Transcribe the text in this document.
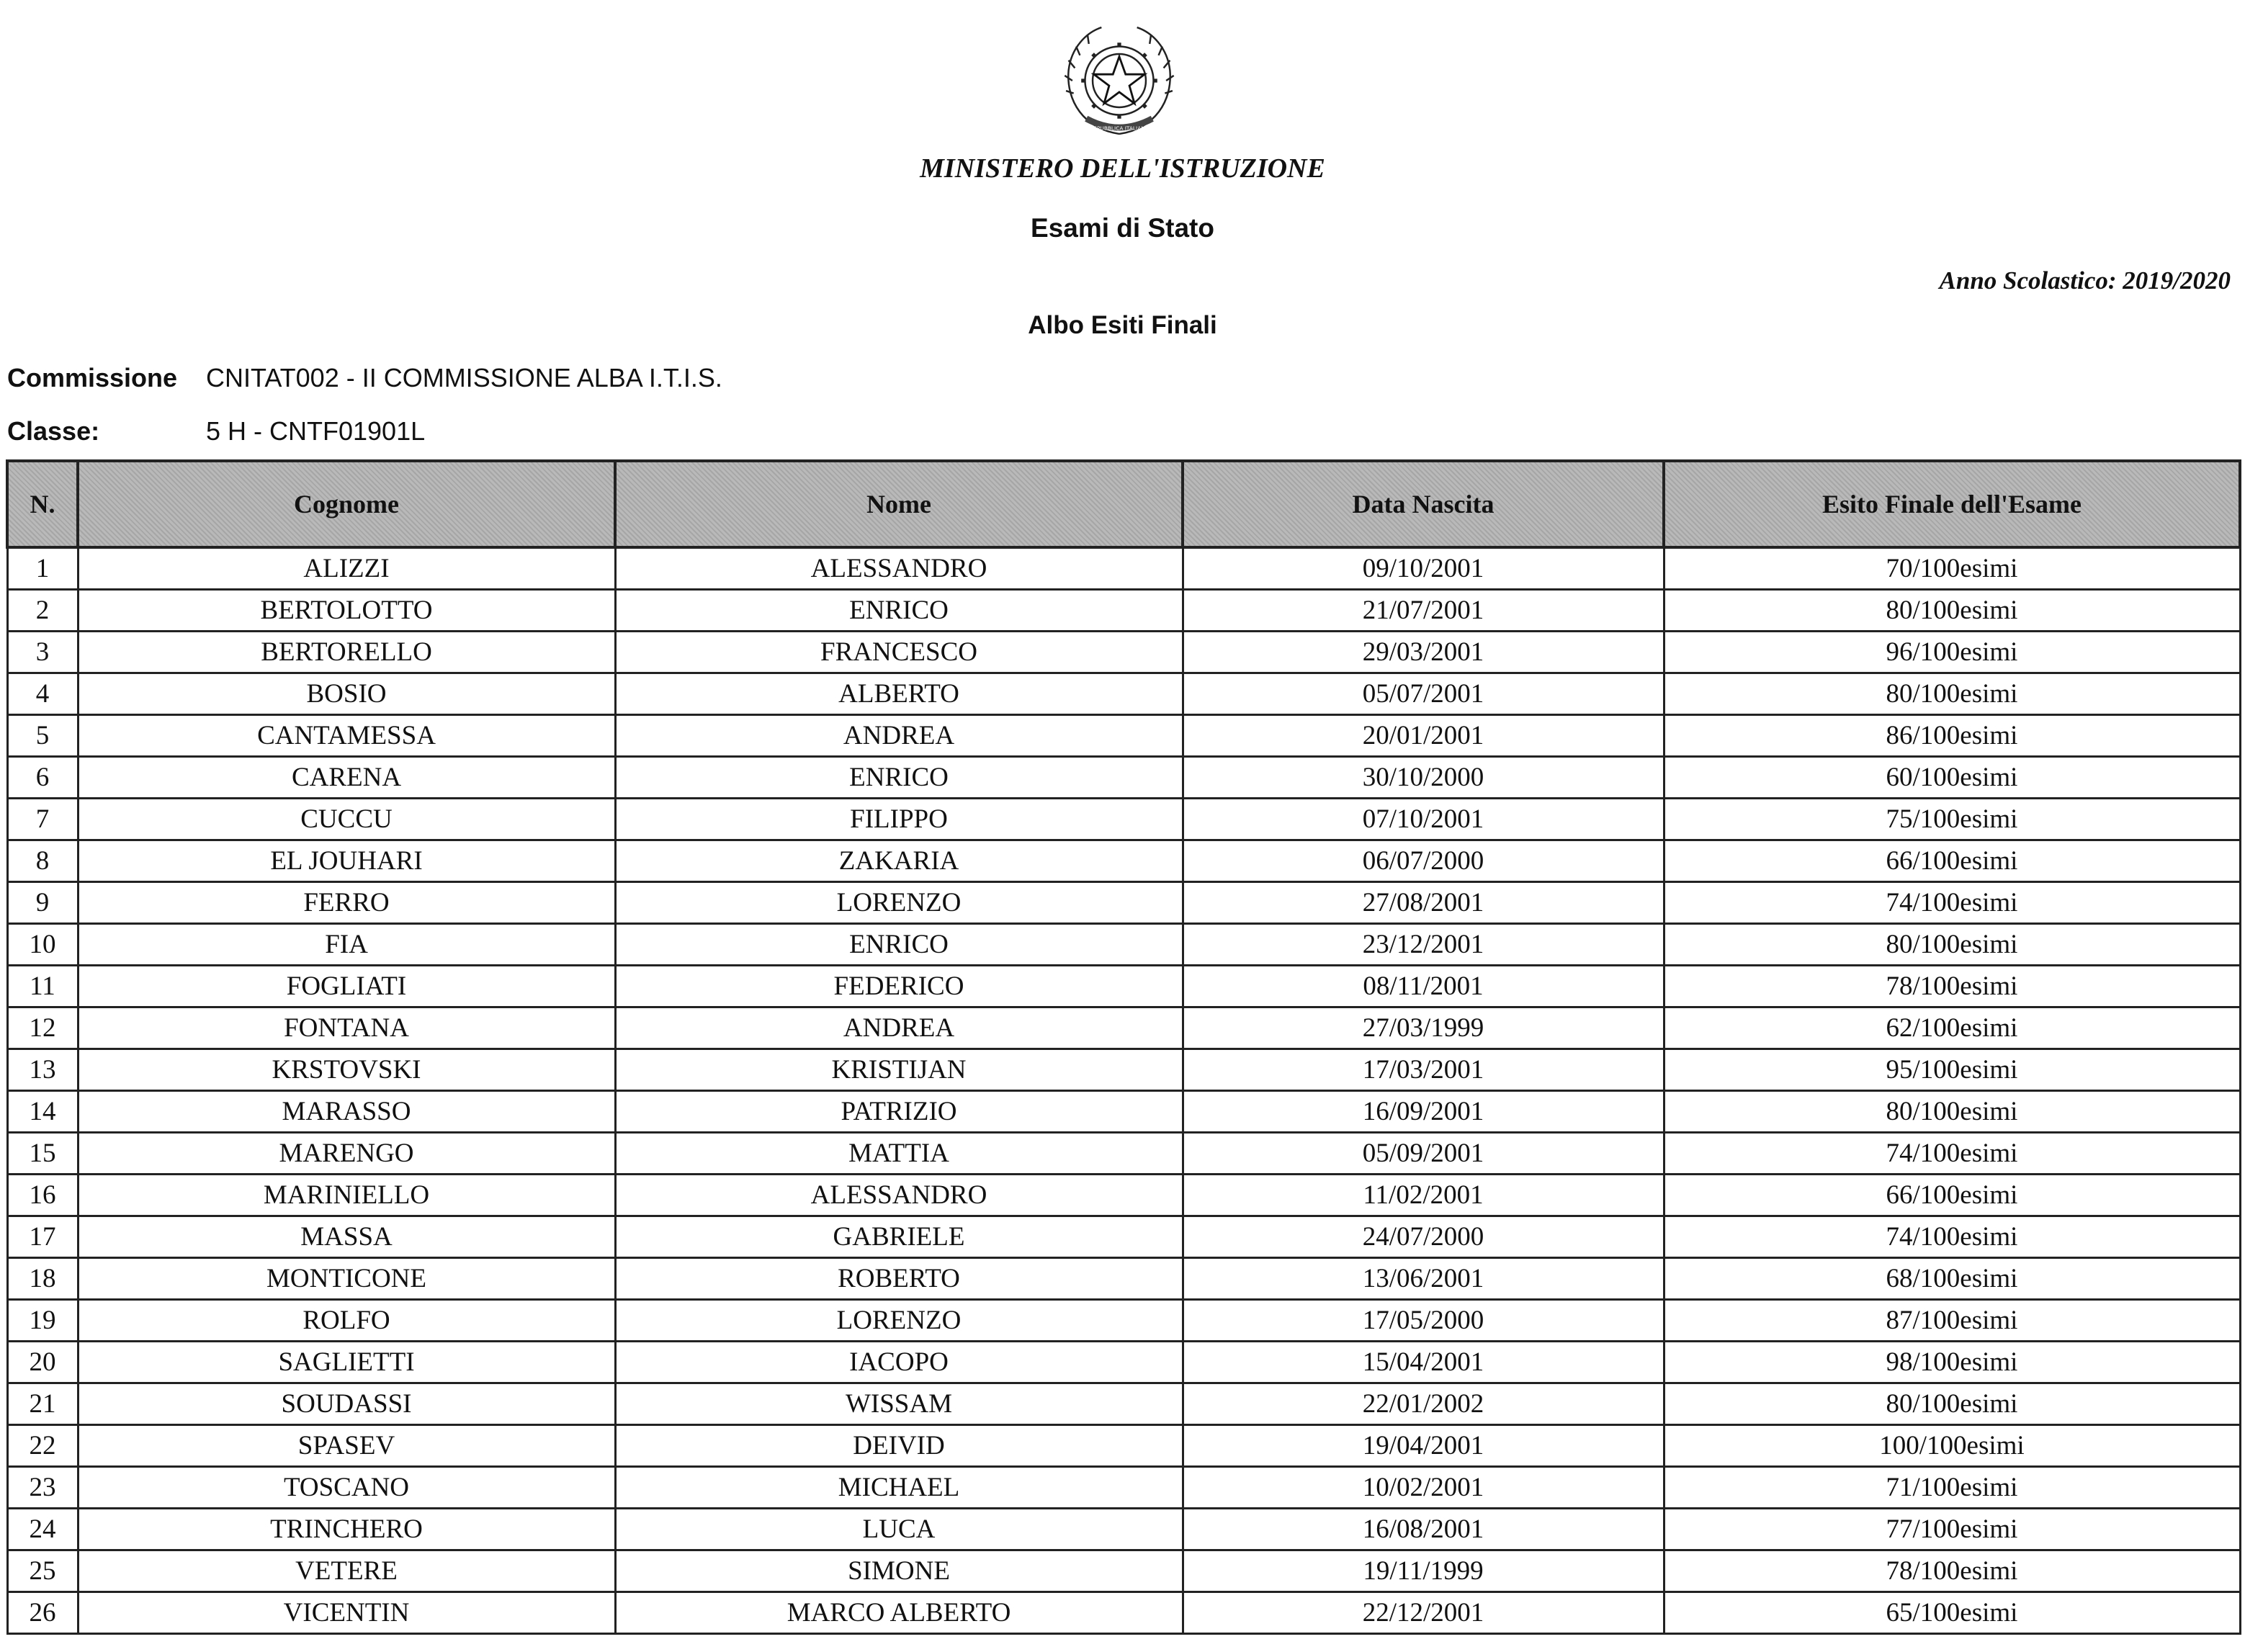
REPUBBLICA ITALIANA
MINISTERO DELL'ISTRUZIONE
Esami di Stato
Anno Scolastico: 2019/2020
Albo Esiti Finali
Commissione CNITAT002 - II COMMISSIONE ALBA I.T.I.S.
Classe:	5 H - CNTF01901L
N.	Cognome	Nome	Data Nascita	Esito Finale dell'Esame
1	ALIZZI	ALESSANDRO	09/10/2001	70/100esimi
2	BERTOLOTTO	ENRICO	21/07/2001	80/100esimi
3	BERTORELLO	FRANCESCO	29/03/2001	96/100esimi
4	BOSIO	ALBERTO	05/07/2001	80/100esimi
5	CANTAMESSA	ANDREA	20/01/2001	86/100esimi
6	CARENA	ENRICO	30/10/2000	60/100esimi
7	CUCCU	FILIPPO	07/10/2001	75/100esimi
8	EL JOUHARI	ZAKARIA	06/07/2000	66/100esimi
9	FERRO	LORENZO	27/08/2001	74/100esimi
10	FIA	ENRICO	23/12/2001	80/100esimi
11	FOGLIATI	FEDERICO	08/11/2001	78/100esimi
12	FONTANA	ANDREA	27/03/1999	62/100esimi
13	KRSTOVSKI	KRISTIJAN	17/03/2001	95/100esimi
14	MARASSO	PATRIZIO	16/09/2001	80/100esimi
15	MARENGO	MATTIA	05/09/2001	74/100esimi
16	MARINIELLO	ALESSANDRO	11/02/2001	66/100esimi
17	MASSA	GABRIELE	24/07/2000	74/100esimi
18	MONTICONE	ROBERTO	13/06/2001	68/100esimi
19	ROLFO	LORENZO	17/05/2000	87/100esimi
20	SAGLIETTI	IACOPO	15/04/2001	98/100esimi
21	SOUDASSI	WISSAM	22/01/2002	80/100esimi
22	SPASEV	DEIVID	19/04/2001	100/100esimi
23	TOSCANO	MICHAEL	10/02/2001	71/100esimi
24	TRINCHERO	LUCA	16/08/2001	77/100esimi
25	VETERE	SIMONE	19/11/1999	78/100esimi
26	VICENTIN	MARCO ALBERTO	22/12/2001	65/100esimi
